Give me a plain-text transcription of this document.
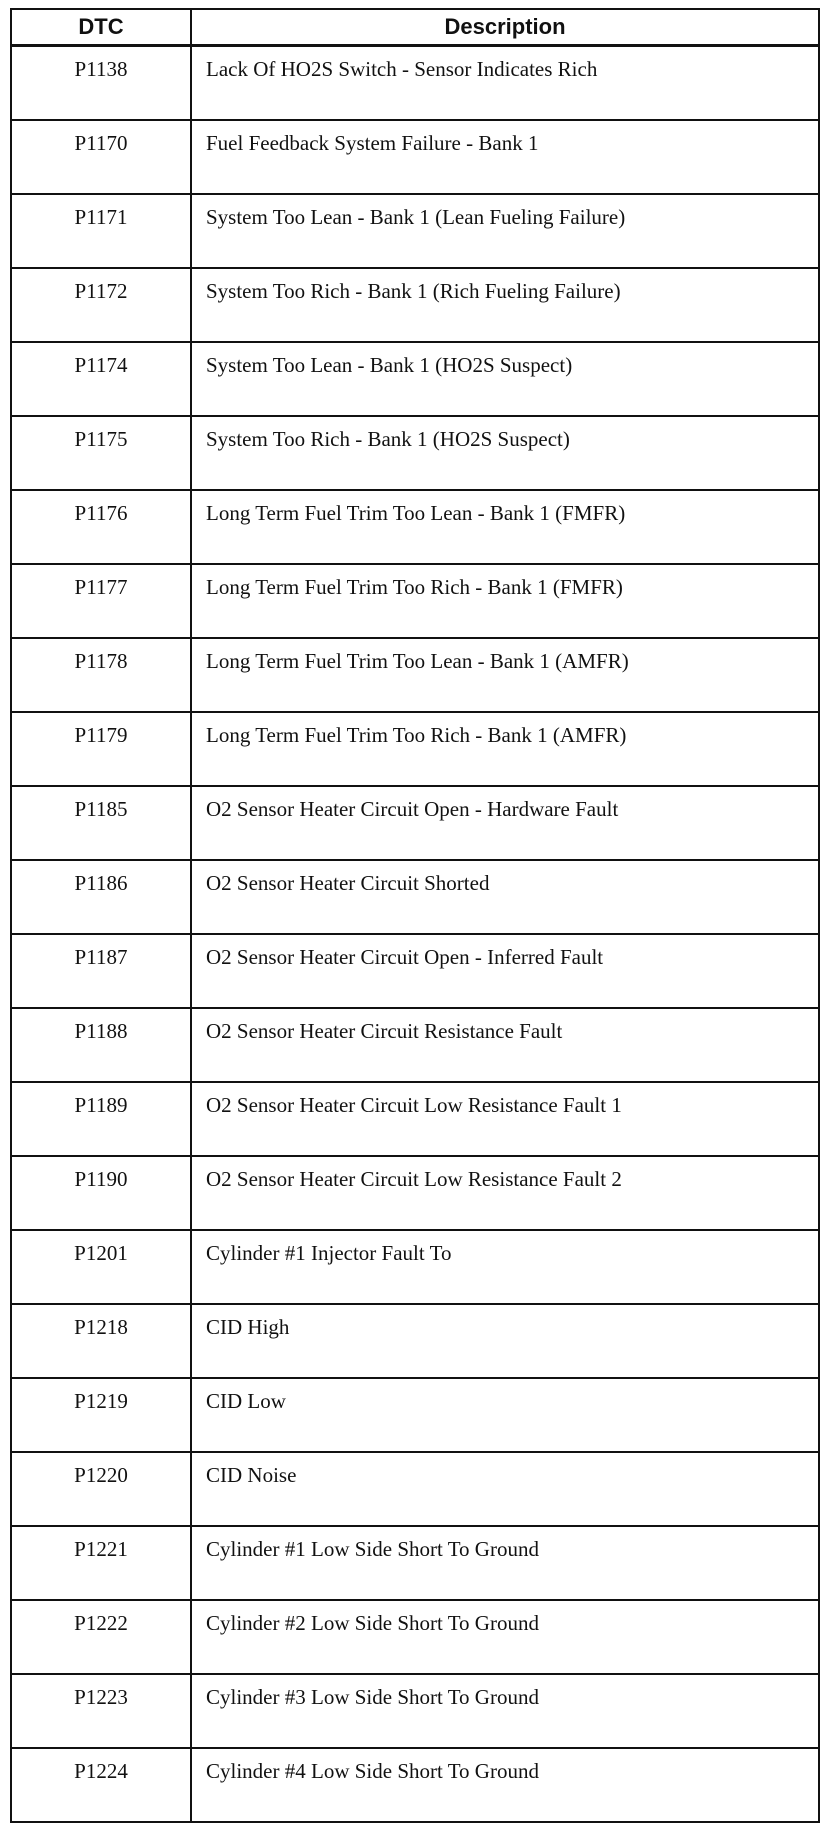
DTC	Description
P1138	Lack Of HO2S Switch - Sensor Indicates Rich
P1170	Fuel Feedback System Failure - Bank 1
P1171	System Too Lean - Bank 1 (Lean Fueling Failure)
P1172	System Too Rich - Bank 1 (Rich Fueling Failure)
P1174	System Too Lean - Bank 1 (HO2S Suspect)
P1175	System Too Rich - Bank 1 (HO2S Suspect)
P1176	Long Term Fuel Trim Too Lean - Bank 1 (FMFR)
P1177	Long Term Fuel Trim Too Rich - Bank 1 (FMFR)
P1178	Long Term Fuel Trim Too Lean - Bank 1 (AMFR)
P1179	Long Term Fuel Trim Too Rich - Bank 1 (AMFR)
P1185	O2 Sensor Heater Circuit Open - Hardware Fault
P1186	O2 Sensor Heater Circuit Shorted
P1187	O2 Sensor Heater Circuit Open - Inferred Fault
P1188	O2 Sensor Heater Circuit Resistance Fault
P1189	O2 Sensor Heater Circuit Low Resistance Fault 1
P1190	O2 Sensor Heater Circuit Low Resistance Fault 2
P1201	Cylinder #1 Injector Fault To
P1218	CID High
P1219	CID Low
P1220	CID Noise
P1221	Cylinder #1 Low Side Short To Ground
P1222	Cylinder #2 Low Side Short To Ground
P1223	Cylinder #3 Low Side Short To Ground
P1224	Cylinder #4 Low Side Short To Ground
